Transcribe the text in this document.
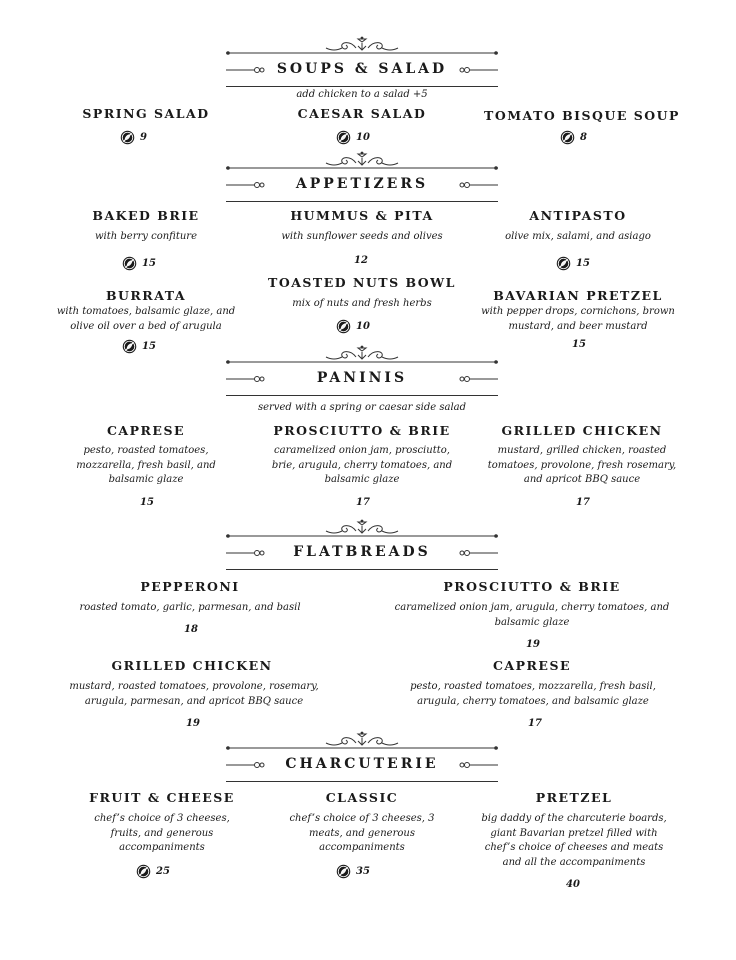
SOUPS & SALAD
add chicken to a salad +5
SPRING SALAD
9
CAESAR SALAD
10
TOMATO BISQUE SOUP
8
APPETIZERS
BAKED BRIE
with berry confiture
15
HUMMUS & PITA
with sunflower seeds and olives
12
ANTIPASTO
olive mix, salami, and asiago
15
BURRATA
with tomatoes, balsamic glaze, and olive oil over a bed of arugula
15
TOASTED NUTS BOWL
mix of nuts and fresh herbs
10
BAVARIAN PRETZEL
with pepper drops, cornichons, brown mustard, and beer mustard
15
PANINIS
served with a spring or caesar side salad
CAPRESE
pesto, roasted tomatoes, mozzarella, fresh basil, and balsamic glaze
15
PROSCIUTTO & BRIE
caramelized onion jam, prosciutto, brie, arugula, cherry tomatoes, and balsamic glaze
17
GRILLED CHICKEN
mustard, grilled chicken, roasted tomatoes, provolone, fresh rosemary, and apricot BBQ sauce
17
FLATBREADS
PEPPERONI
roasted tomato, garlic, parmesan, and basil
18
PROSCIUTTO & BRIE
caramelized onion jam, arugula, cherry tomatoes, and balsamic glaze
19
GRILLED CHICKEN
mustard, roasted tomatoes, provolone, rosemary, arugula, parmesan, and apricot BBQ sauce
19
CAPRESE
pesto, roasted tomatoes, mozzarella, fresh basil, arugula, cherry tomatoes, and balsamic glaze
17
CHARCUTERIE
FRUIT & CHEESE
chef’s choice of 3 cheeses, fruits, and generous accompaniments
25
CLASSIC
chef’s choice of 3 cheeses, 3 meats, and generous accompaniments
35
PRETZEL
big daddy of the charcuterie boards, giant Bavarian pretzel filled with chef’s choice of cheeses and meats and all the accompaniments
40
